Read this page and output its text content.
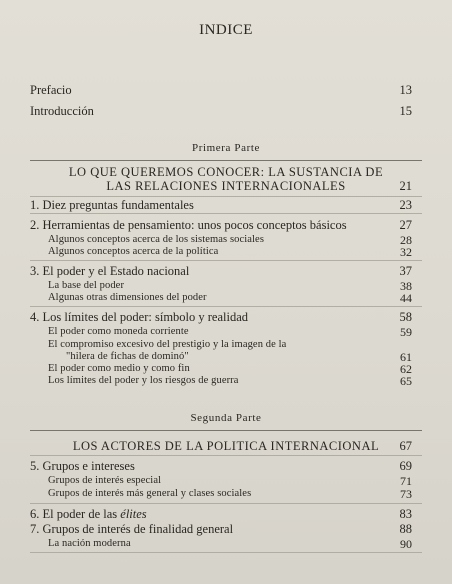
INDICE
Prefacio	13
Introducción	15
Primera Parte
LO QUE QUEREMOS CONOCER: LA SUSTANCIA DE
LAS RELACIONES INTERNACIONALES	21
1. Diez preguntas fundamentales	23
2. Herramientas de pensamiento: unos pocos conceptos básicos	27
Algunos conceptos acerca de los sistemas sociales	28
Algunos conceptos acerca de la política	32
3. El poder y el Estado nacional	37
La base del poder	38
Algunas otras dimensiones del poder	44
4. Los límites del poder: símbolo y realidad	58
El poder como moneda corriente	59
El compromiso excesivo del prestigio y la imagen de la
"hilera de fichas de dominó"	61
El poder como medio y como fin	62
Los límites del poder y los riesgos de guerra	65
Segunda Parte
LOS ACTORES DE LA POLITICA INTERNACIONAL	67
5. Grupos e intereses	69
Grupos de interés especial	71
Grupos de interés más general y clases sociales	73
6. El poder de las élites	83
7. Grupos de interés de finalidad general	88
La nación moderna	90
